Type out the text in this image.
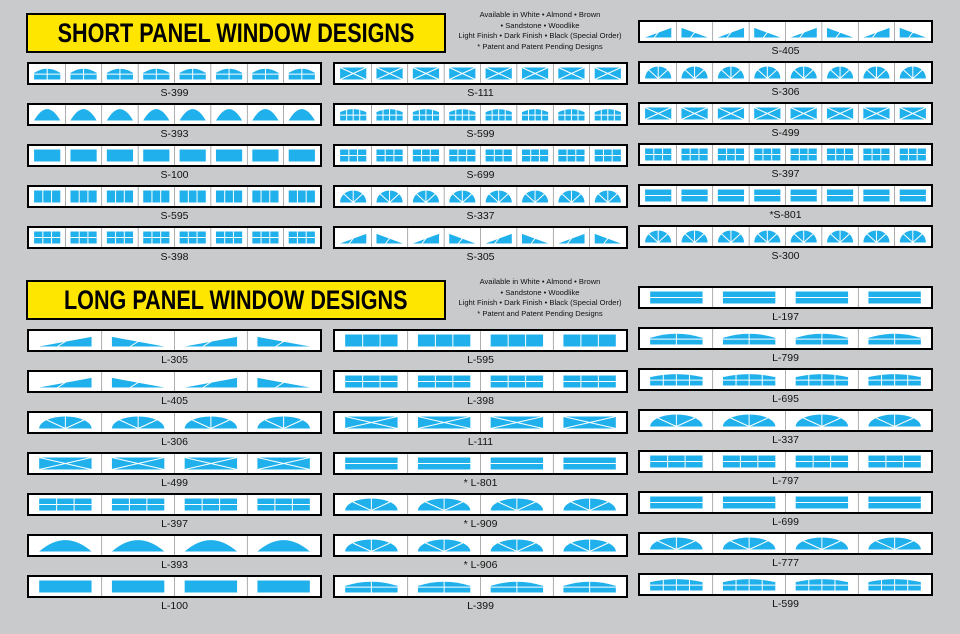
SHORT PANEL WINDOW DESIGNS
Available in White • Almond • Brown
• Sandstone • Woodlike
Light Finish • Dark Finish • Black (Special Order)
* Patent and Patent Pending Designs
LONG PANEL WINDOW DESIGNS
Available in White • Almond • Brown
• Sandstone • Woodlike
Light Finish • Dark Finish • Black (Special Order)
* Patent and Patent Pending Designs
S-399
S-393
S-100
S-595
S-398
S-111
S-599
S-699
S-337
S-305
S-405
S-306
S-499
S-397
*S-801
S-300
L-305
L-405
L-306
L-499
L-397
L-393
L-100
L-595
L-398
L-111
* L-801
* L-909
* L-906
L-399
L-197
L-799
L-695
L-337
L-797
L-699
L-777
L-599
